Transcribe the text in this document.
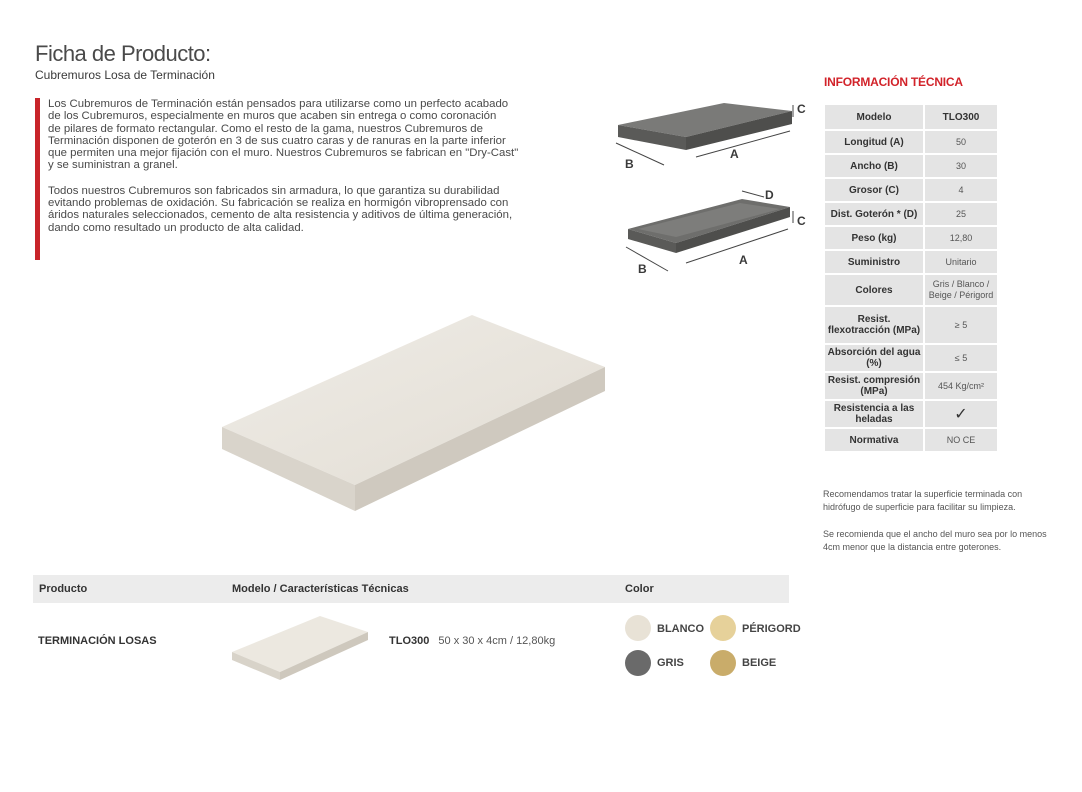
Ficha de Producto:
Cubremuros Losa de Terminación

Los Cubremuros de Terminación están pensados para utilizarse como un perfecto acabado
de los Cubremuros, especialmente en muros que acaben sin entrega o como coronación
de pilares de formato rectangular. Como el resto de la gama, nuestros Cubremuros de
Terminación disponen de goterón en 3 de sus cuatro caras y de ranuras en la parte inferior
que permiten una mejor fijación con el muro. Nuestros Cubremuros se fabrican en "Dry-Cast"
y se suministran a granel.

Todos nuestros Cubremuros son fabricados sin armadura, lo que garantiza su durabilidad
evitando problemas de oxidación. Su fabricación se realiza en hormigón vibroprensado con
áridos naturales seleccionados, cemento de alta resistencia y aditivos de última generación,
dando como resultado un producto de alta calidad.

B
A
C
B
A
C
D
INFORMACIÓN TÉCNICA
Modelo	TLO300
Longitud (A)	50
Ancho (B)	30
Grosor (C)	4
Dist. Goterón * (D)	25
Peso (kg)	12,80
Suministro	Unitario
Colores	Gris / Blanco / Beige / Périgord
Resist. flexotracción (MPa)	≥ 5
Absorción del agua (%)	≤ 5
Resist. compresión (MPa)	454 Kg/cm²
Resistencia a las heladas	✓
Normativa	NO CE
Recomendamos tratar la superficie terminada con
hidrófugo de superficie para facilitar su limpieza.
Se recomienda que el ancho del muro sea por lo menos
4cm menor que la distancia entre goterones.
Producto	Modelo / Características Técnicas	Color
TERMINACIÓN LOSAS	TLO300 50 x 30 x 4cm / 12,80kg
BLANCO	PÉRIGORD
GRIS	BEIGE
